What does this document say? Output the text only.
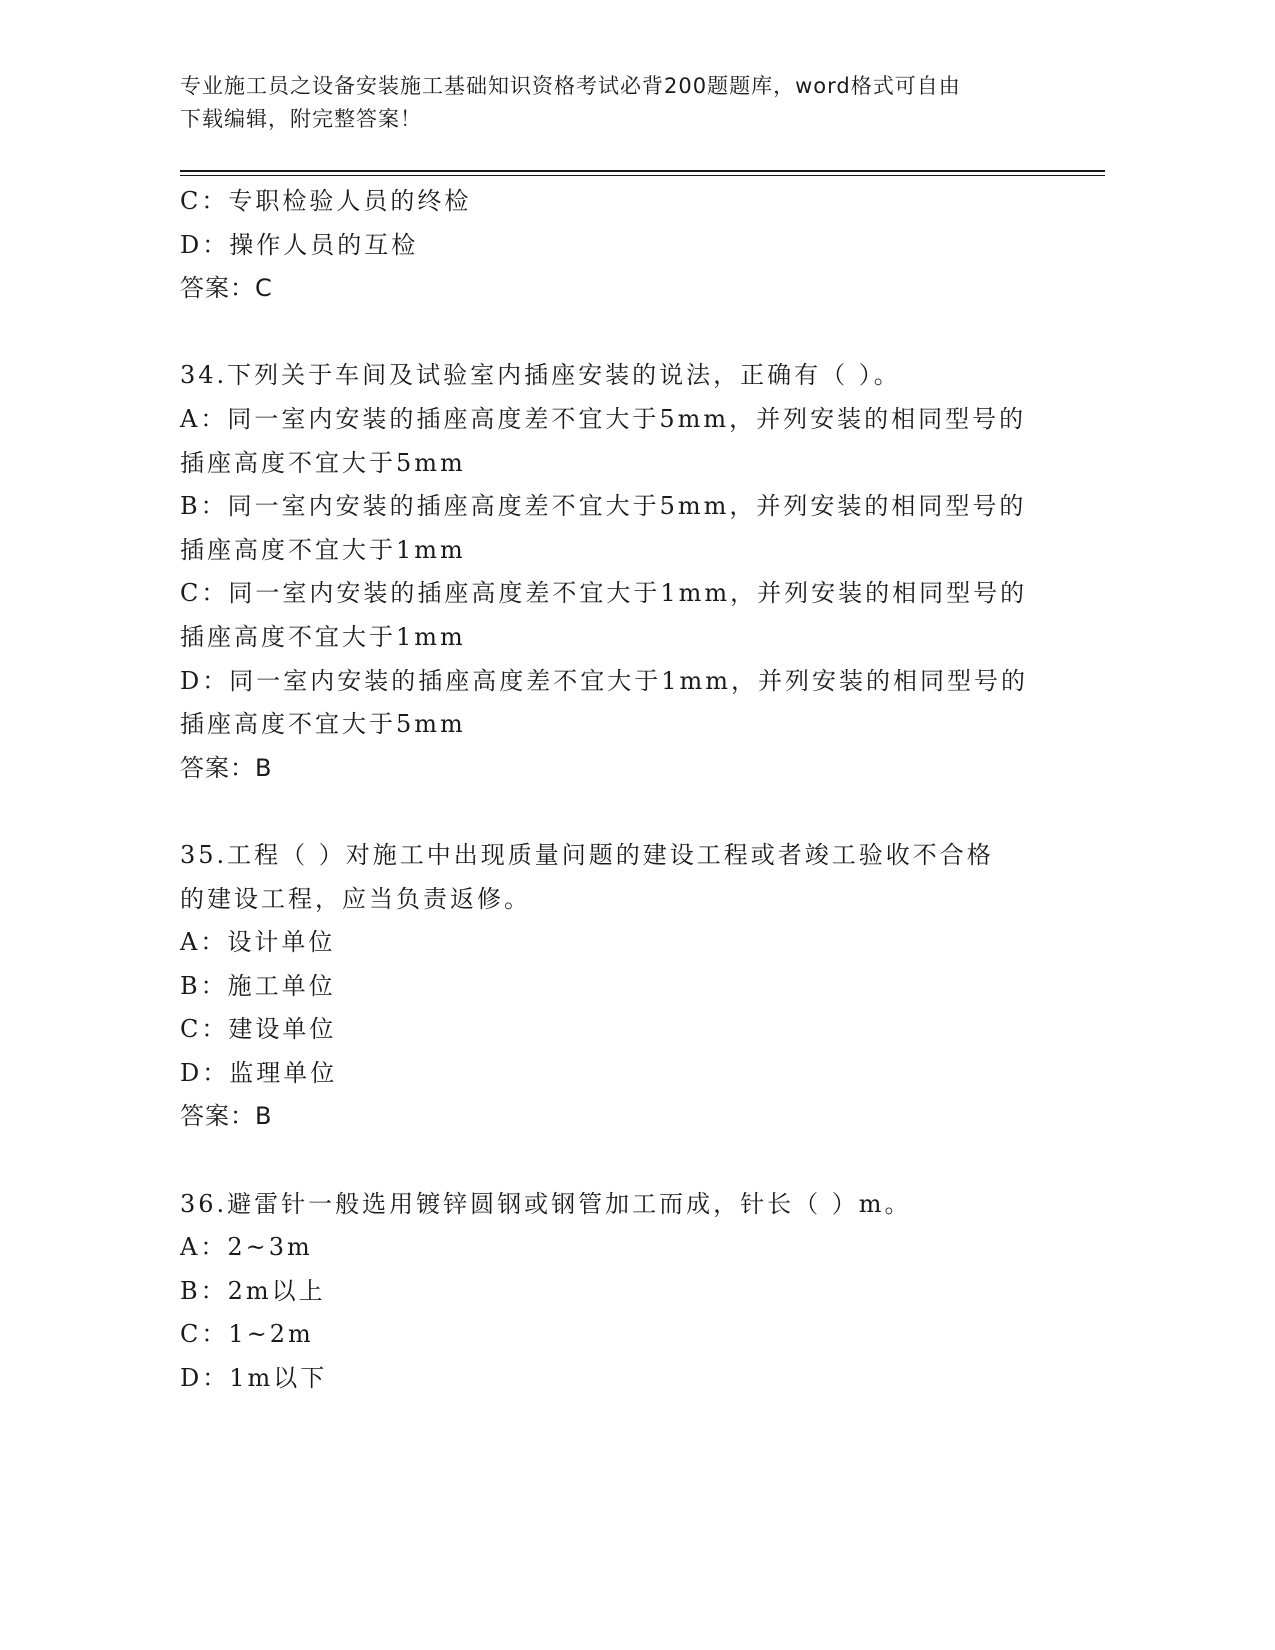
专业施工员之设备安装施工基础知识资格考试必背200题题库，word格式可自由
下载编辑，附完整答案！
C：专职检验人员的终检
D：操作人员的互检
答案：C
34.下列关于车间及试验室内插座安装的说法，正确有（ ）。
A：同一室内安装的插座高度差不宜大于5mm，并列安装的相同型号的
插座高度不宜大于5mm
B：同一室内安装的插座高度差不宜大于5mm，并列安装的相同型号的
插座高度不宜大于1mm
C：同一室内安装的插座高度差不宜大于1mm，并列安装的相同型号的
插座高度不宜大于1mm
D：同一室内安装的插座高度差不宜大于1mm，并列安装的相同型号的
插座高度不宜大于5mm
答案：B
35.工程（ ）对施工中出现质量问题的建设工程或者竣工验收不合格
的建设工程，应当负责返修。
A：设计单位
B：施工单位
C：建设单位
D：监理单位
答案：B
36.避雷针一般选用镀锌圆钢或钢管加工而成，针长（ ）m。
A：2~3m
B：2m以上
C：1~2m
D：1m以下
